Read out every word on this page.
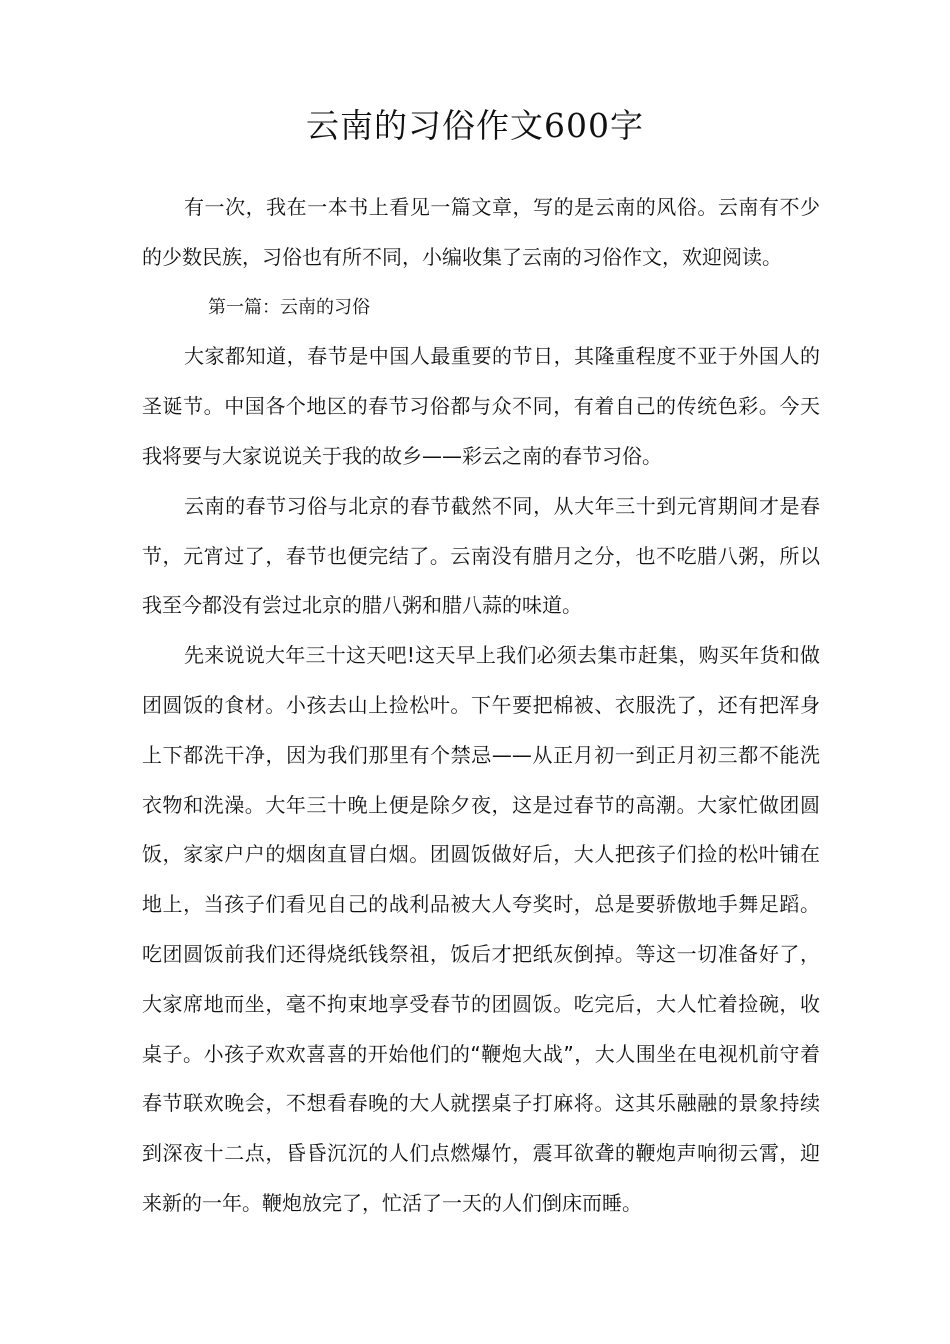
云南的习俗作文600字

有一次，我在一本书上看见一篇文章，写的是云南的风俗。云南有不少的少数民族，习俗也有所不同，小编收集了云南的习俗作文，欢迎阅读。

第一篇：云南的习俗

大家都知道，春节是中国人最重要的节日，其隆重程度不亚于外国人的圣诞节。中国各个地区的春节习俗都与众不同，有着自己的传统色彩。今天我将要与大家说说关于我的故乡——彩云之南的春节习俗。

云南的春节习俗与北京的春节截然不同，从大年三十到元宵期间才是春节，元宵过了，春节也便完结了。云南没有腊月之分，也不吃腊八粥，所以我至今都没有尝过北京的腊八粥和腊八蒜的味道。

先来说说大年三十这天吧!这天早上我们必须去集市赶集，购买年货和做团圆饭的食材。小孩去山上捡松叶。下午要把棉被、衣服洗了，还有把浑身上下都洗干净，因为我们那里有个禁忌——从正月初一到正月初三都不能洗衣物和洗澡。大年三十晚上便是除夕夜，这是过春节的高潮。大家忙做团圆饭，家家户户的烟囱直冒白烟。团圆饭做好后，大人把孩子们捡的松叶铺在地上，当孩子们看见自己的战利品被大人夸奖时，总是要骄傲地手舞足蹈。吃团圆饭前我们还得烧纸钱祭祖，饭后才把纸灰倒掉。等这一切准备好了，大家席地而坐，毫不拘束地享受春节的团圆饭。吃完后，大人忙着捡碗，收桌子。小孩子欢欢喜喜的开始他们的“鞭炮大战”，大人围坐在电视机前守着春节联欢晚会，不想看春晚的大人就摆桌子打麻将。这其乐融融的景象持续到深夜十二点，昏昏沉沉的人们点燃爆竹，震耳欲聋的鞭炮声响彻云霄，迎来新的一年。鞭炮放完了，忙活了一天的人们倒床而睡。
